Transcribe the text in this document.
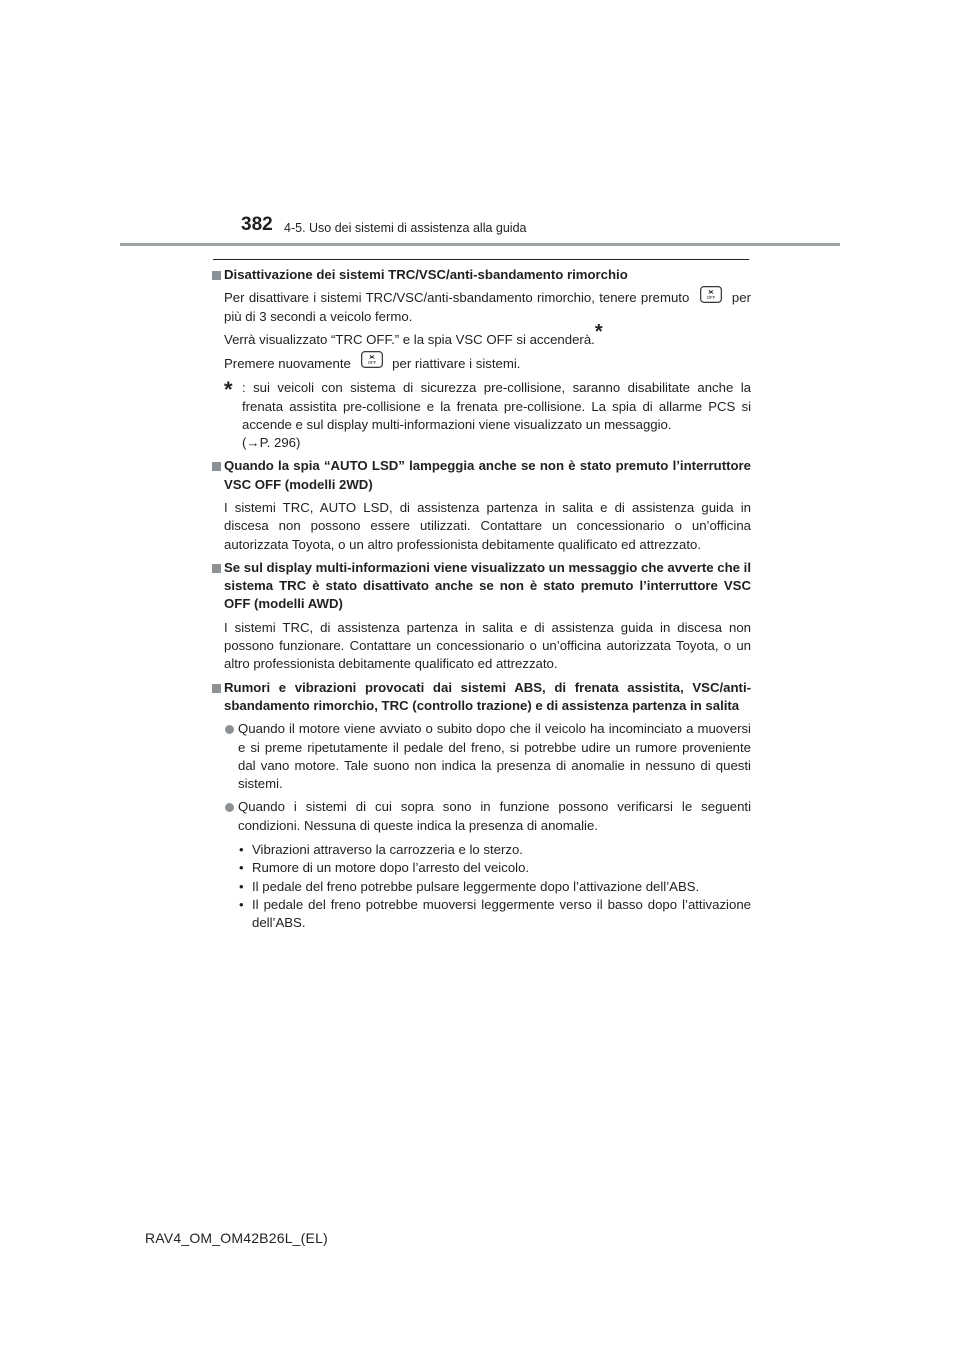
382 4-5. Uso dei sistemi di assistenza alla guida
Disattivazione dei sistemi TRC/VSC/anti-sbandamento rimorchio
Per disattivare i sistemi TRC/VSC/anti-sbandamento rimorchio, tenere premuto	OFF per più di 3 secondi a veicolo fermo.
Verrà visualizzato “TRC OFF.” e la spia VSC OFF si accenderà.*
Premere nuovamente	OFF per riattivare i sistemi.
* : sui veicoli con sistema di sicurezza pre-collisione, saranno disabilitate anche la frenata assistita pre-collisione e la frenata pre-collisione. La spia di allarme PCS si accende e sul display multi-informazioni viene visualizzato un messaggio.
(→P. 296)
Quando la spia “AUTO LSD” lampeggia anche se non è stato premuto l’interruttore VSC OFF (modelli 2WD)
I sistemi TRC, AUTO LSD, di assistenza partenza in salita e di assistenza guida in discesa non possono essere utilizzati. Contattare un concessionario o un’officina autorizzata Toyota, o un altro professionista debitamente qualificato ed attrezzato.
Se sul display multi-informazioni viene visualizzato un messaggio che avverte che il sistema TRC è stato disattivato anche se non è stato premuto l’interruttore VSC OFF (modelli AWD)
I sistemi TRC, di assistenza partenza in salita e di assistenza guida in discesa non possono funzionare. Contattare un concessionario o un’officina autorizzata Toyota, o un altro professionista debitamente qualificato ed attrezzato.
Rumori e vibrazioni provocati dai sistemi ABS, di frenata assistita, VSC/anti-sbandamento rimorchio, TRC (controllo trazione) e di assistenza partenza in salita
Quando il motore viene avviato o subito dopo che il veicolo ha incominciato a muoversi e si preme ripetutamente il pedale del freno, si potrebbe udire un rumore proveniente dal vano motore. Tale suono non indica la presenza di anomalie in nessuno di questi sistemi.
Quando i sistemi di cui sopra sono in funzione possono verificarsi le seguenti condizioni. Nessuna di queste indica la presenza di anomalie.
• Vibrazioni attraverso la carrozzeria e lo sterzo.
• Rumore di un motore dopo l’arresto del veicolo.
• Il pedale del freno potrebbe pulsare leggermente dopo l’attivazione dell’ABS.
• Il pedale del freno potrebbe muoversi leggermente verso il basso dopo l’attivazione dell’ABS.
RAV4_OM_OM42B26L_(EL)
